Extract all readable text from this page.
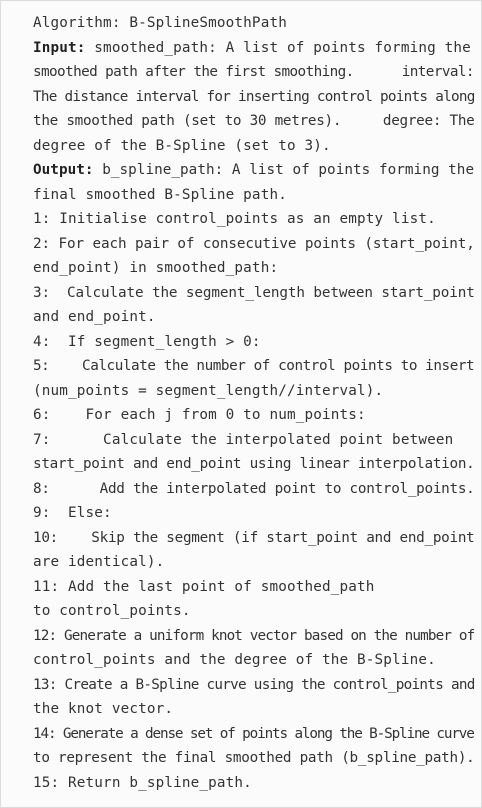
Algorithm: B-SplineSmoothPath
Input: smoothed_path: A list of points forming the
smoothed path after the first smoothing.      interval:
The distance interval for inserting control points along
the smoothed path (set to 30 metres).     degree: The
degree of the B-Spline (set to 3).
Output: b_spline_path: A list of points forming the
final smoothed B-Spline path.
1: Initialise control_points as an empty list.
2: For each pair of consecutive points (start_point,
end_point) in smoothed_path:
3:  Calculate the segment_length between start_point
and end_point.
4:  If segment_length > 0:
5:    Calculate the number of control points to insert
(num_points = segment_length//interval).
6:    For each j from 0 to num_points:
7:      Calculate the interpolated point between
start_point and end_point using linear interpolation.
8:      Add the interpolated point to control_points.
9:  Else:
10:    Skip the segment (if start_point and end_point
are identical).
11: Add the last point of smoothed_path
to control_points.
12: Generate a uniform knot vector based on the number of
control_points and the degree of the B-Spline.
13: Create a B-Spline curve using the control_points and
the knot vector.
14: Generate a dense set of points along the B-Spline curve
to represent the final smoothed path (b_spline_path).
15: Return b_spline_path.
